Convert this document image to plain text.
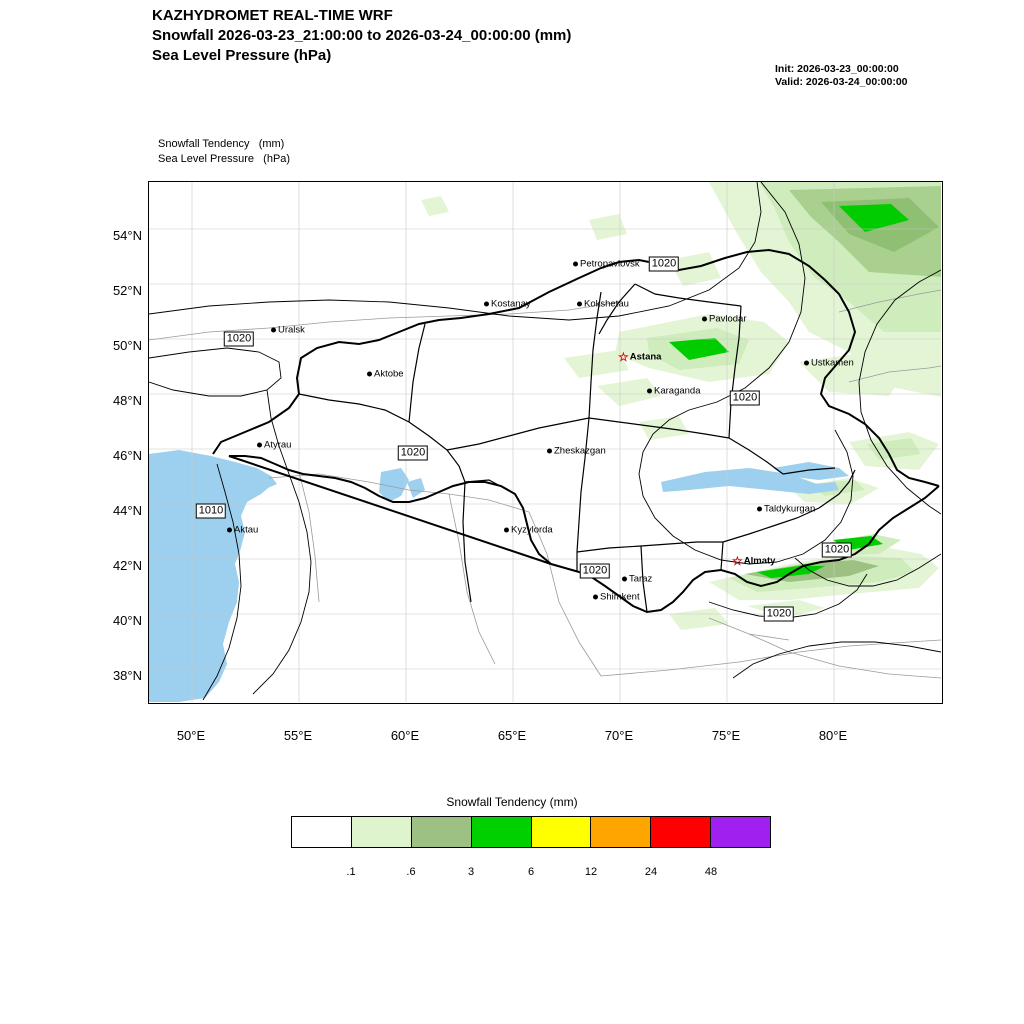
KAZHYDROMET REAL-TIME WRF
Snowfall 2026-03-23_21:00:00 to 2026-03-24_00:00:00 (mm)
Sea Level Pressure (hPa)
Init: 2026-03-23_00:00:00
Valid: 2026-03-24_00:00:00
Snowfall Tendency   (mm)
Sea Level Pressure   (hPa)
Petropavlovsk
Kostanay	Kokshetau
Pavlodar
Uralsk
Ustkamen
☆Astana
Aktobe
Karaganda
Atyrau
Zheskazgan
Taldykurgan
Aktau	Kyzylorda
☆Almaty
Taraz
Shimkent
1020
1020
1020
1020
1010
1020
1020
1020
38°N
40°N
42°N
44°N
46°N
48°N
50°N
52°N
54°N
50°E	55°E	60°E	65°E	70°E	75°E	80°E
Snowfall Tendency (mm)
.1	.6	3	6	12	24	48
